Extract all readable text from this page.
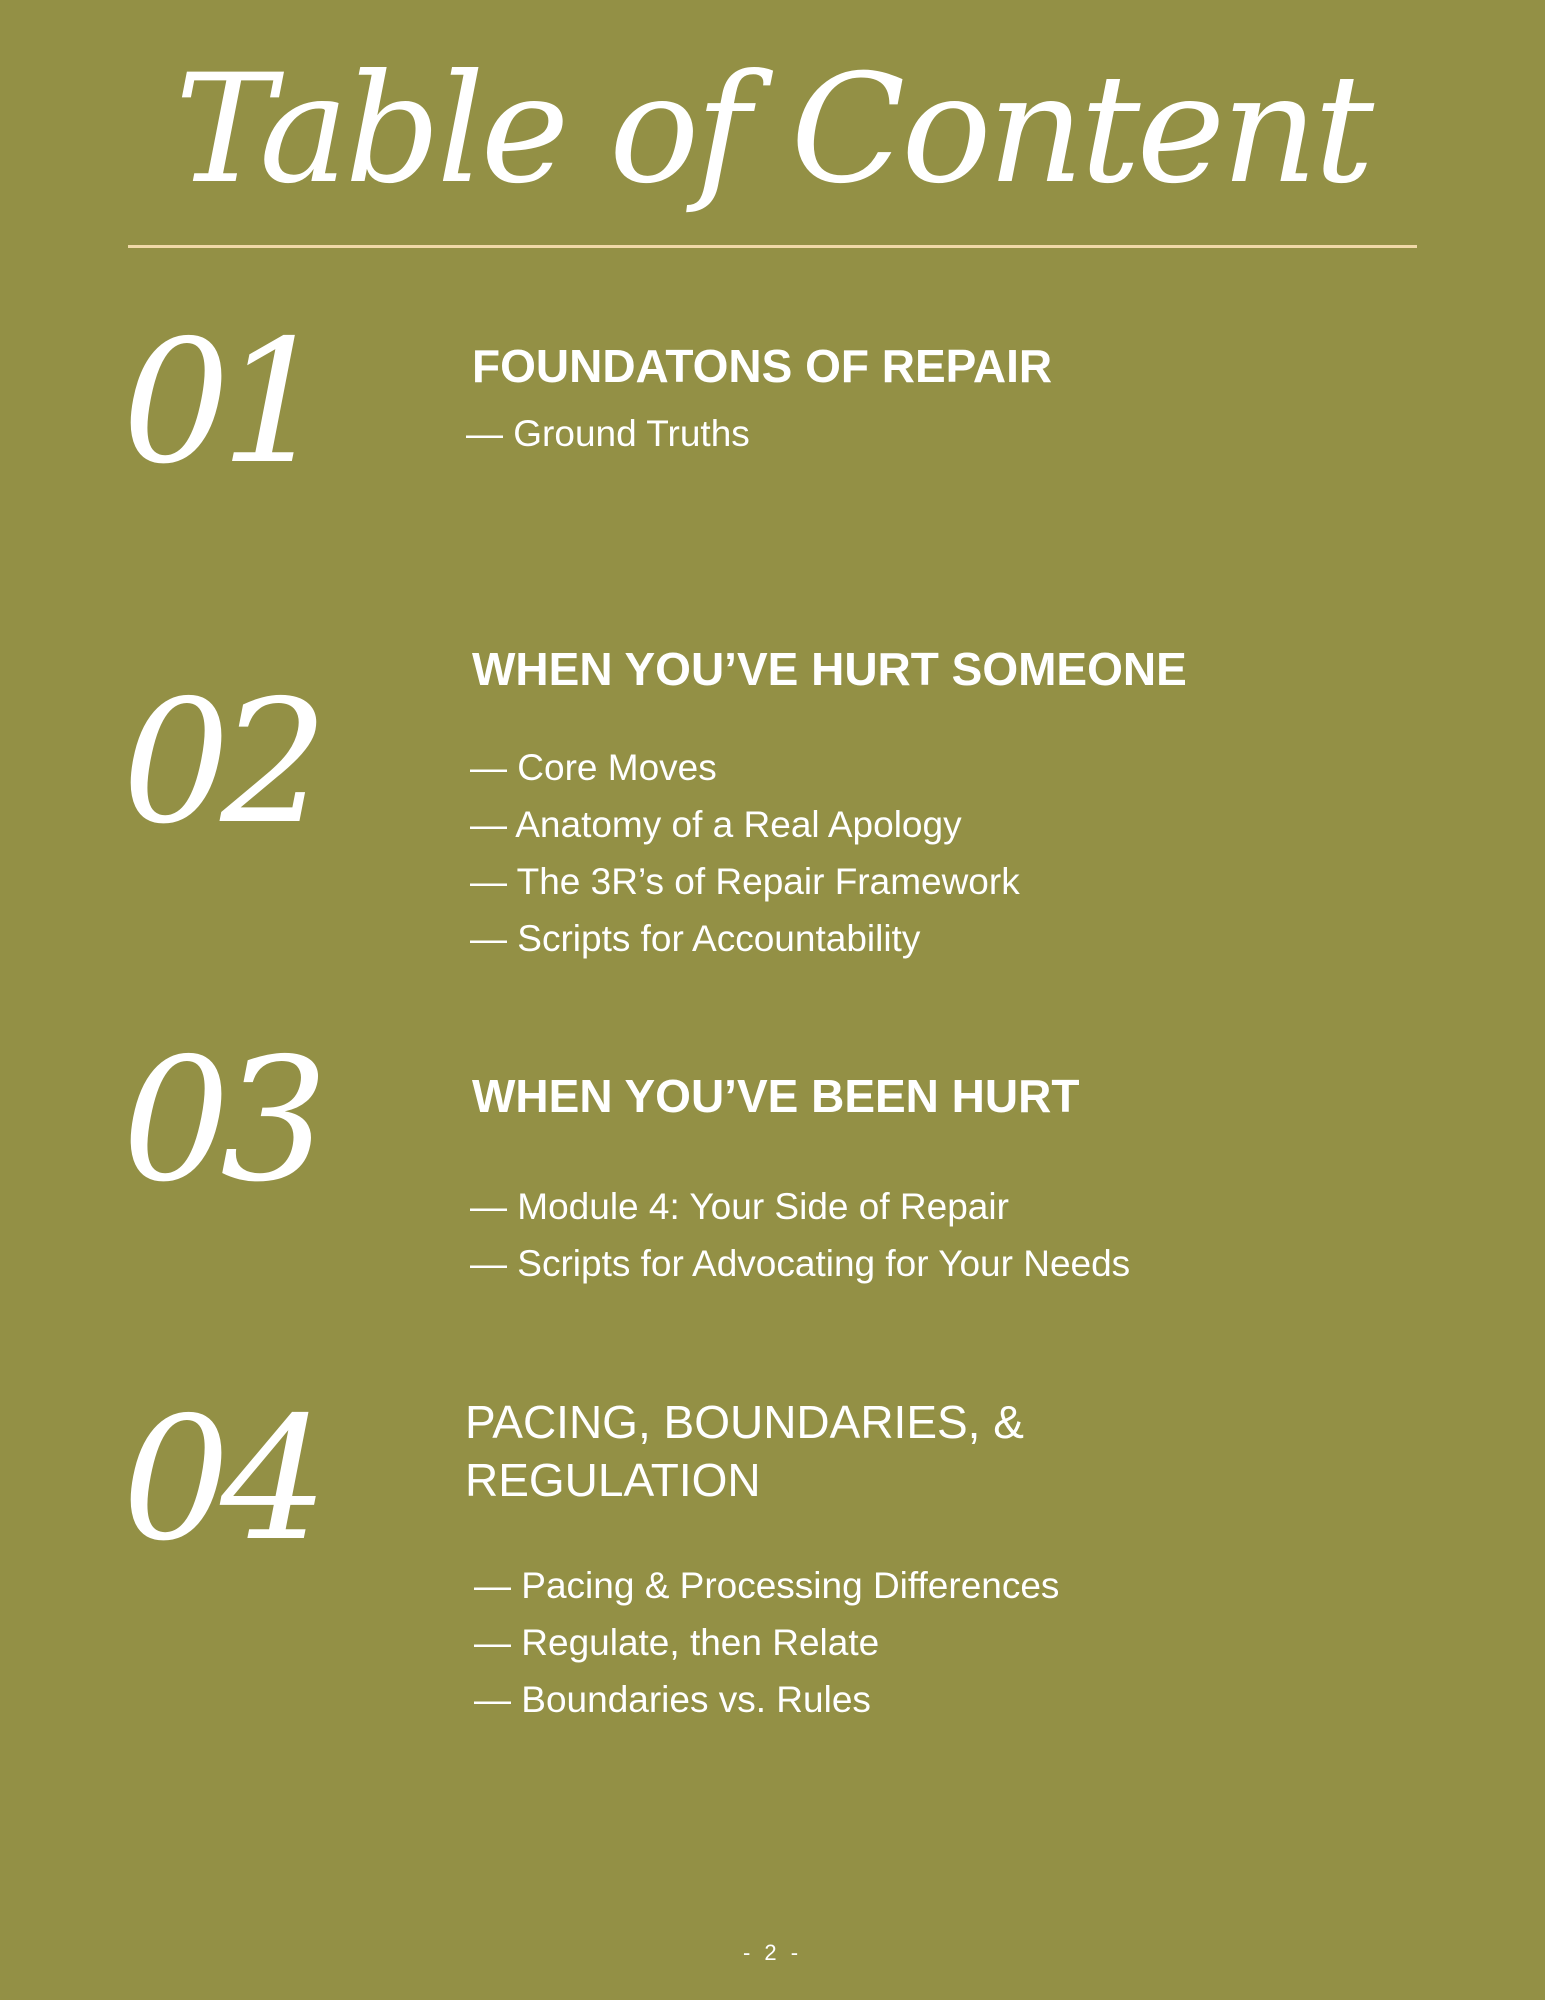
Table of Content
01	FOUNDATONS OF REPAIR
— Ground Truths
02	WHEN YOU’VE HURT SOMEONE
— Core Moves
— Anatomy of a Real Apology
— The 3R’s of Repair Framework
— Scripts for Accountability
03	WHEN YOU’VE BEEN HURT
— Module 4: Your Side of Repair
— Scripts for Advocating for Your Needs
04	PACING, BOUNDARIES, & REGULATION
— Pacing & Processing Differences
— Regulate, then Relate
— Boundaries vs. Rules
- 2 -
